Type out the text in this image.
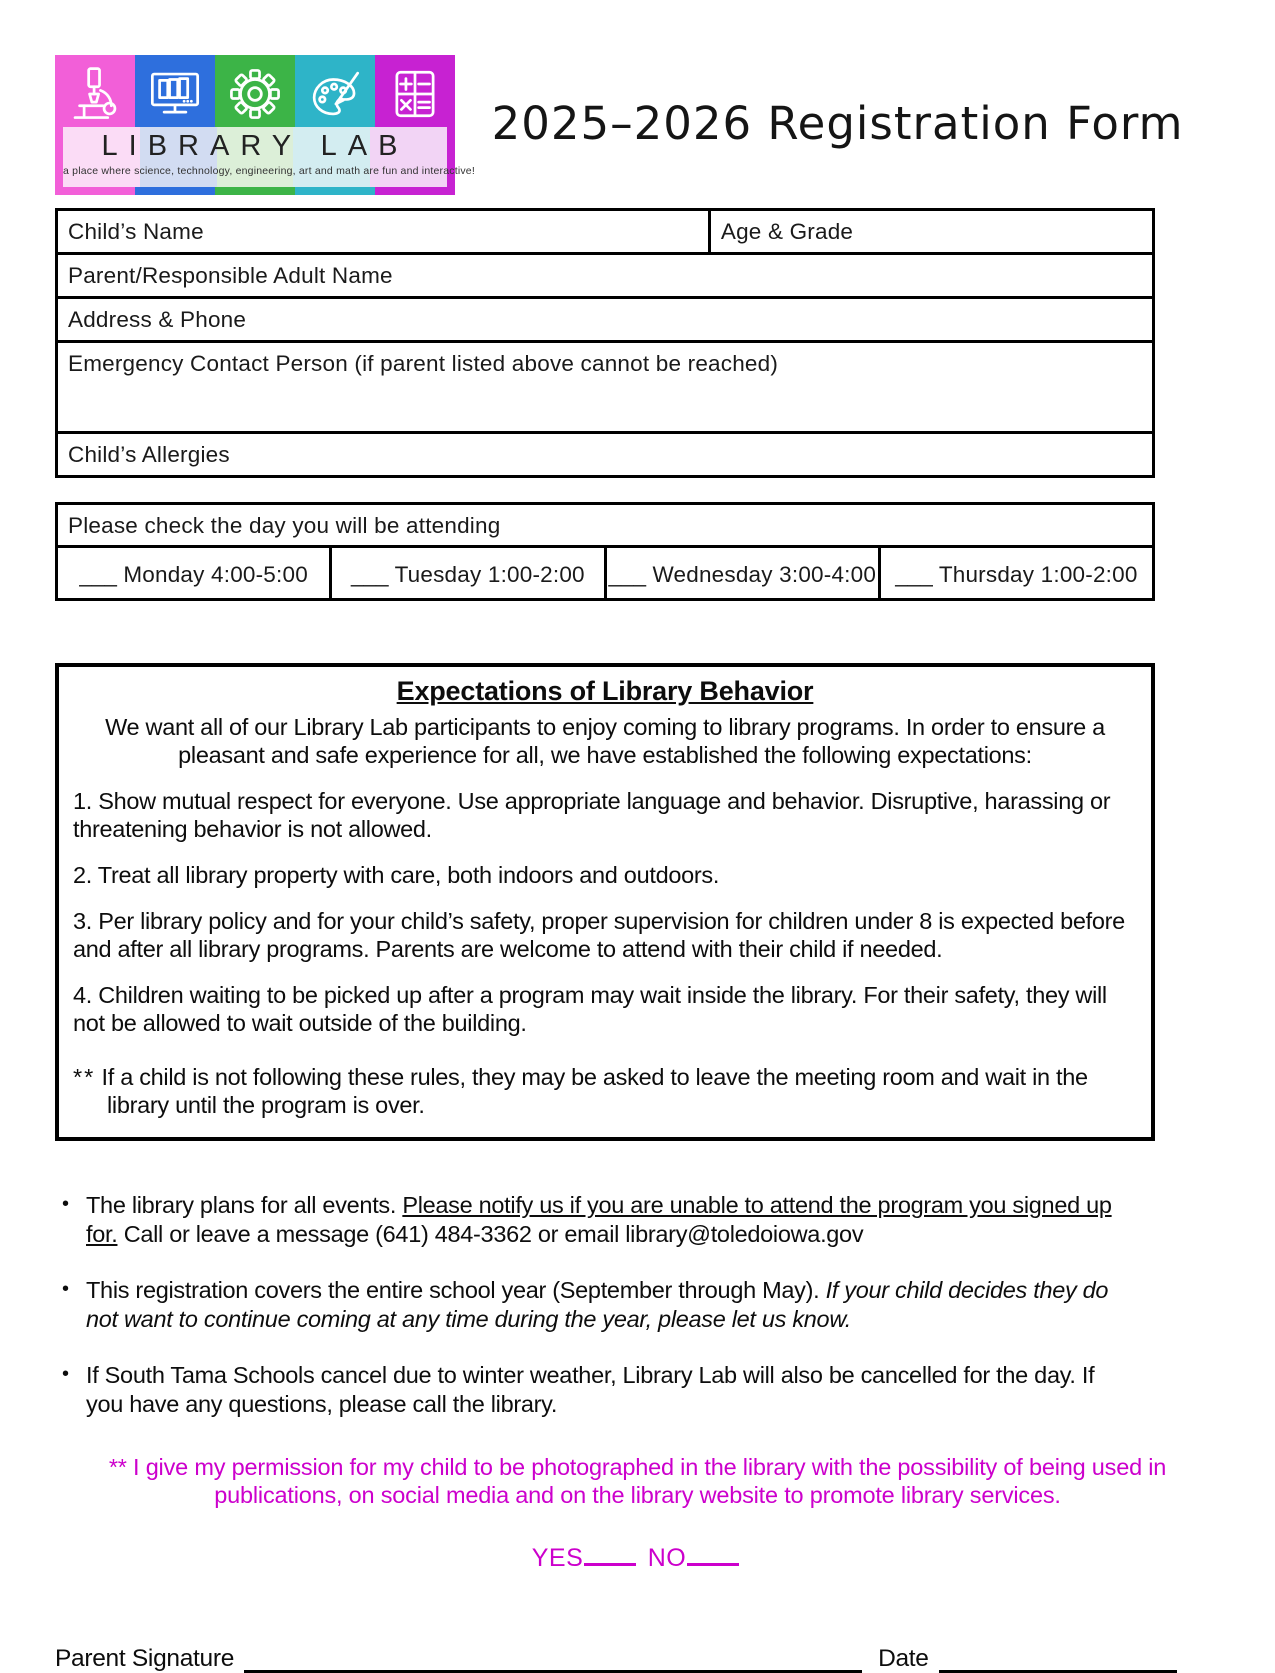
LIBRARY LAB
a place where science, technology, engineering, art and math are fun and interactive!
2025–2026 Registration Form
Child’s Name	Age & Grade
Parent/Responsible Adult Name
Address & Phone
Emergency Contact Person (if parent listed above cannot be reached)
Child’s Allergies
Please check the day you will be attending
___ Monday 4:00-5:00	___ Tuesday 1:00-2:00	___ Wednesday 3:00-4:00	___ Thursday 1:00-2:00
Expectations of Library Behavior

We want all of our Library Lab participants to enjoy coming to library programs. In order to ensure a pleasant and safe experience for all, we have established the following expectations:

1. Show mutual respect for everyone. Use appropriate language and behavior. Disruptive, harassing or threatening behavior is not allowed.

2. Treat all library property with care, both indoors and outdoors.

3. Per library policy and for your child’s safety, proper supervision for children under 8 is expected before and after all library programs. Parents are welcome to attend with their child if needed.

4. Children waiting to be picked up after a program may wait inside the library. For their safety, they will not be allowed to wait outside of the building.

** If a child is not following these rules, they may be asked to leave the meeting room and wait in the library until the program is over.

• The library plans for all events. Please notify us if you are unable to attend the program you signed up for. Call or leave a message (641) 484-3362 or email library@toledoiowa.gov
• This registration covers the entire school year (September through May). If your child decides they do not want to continue coming at any time during the year, please let us know.
• If South Tama Schools cancel due to winter weather, Library Lab will also be cancelled for the day. If you have any questions, please call the library.

** I give my permission for my child to be photographed in the library with the possibility of being used in publications, on social media and on the library website to promote library services.

YES	NO
Parent Signature	Date
